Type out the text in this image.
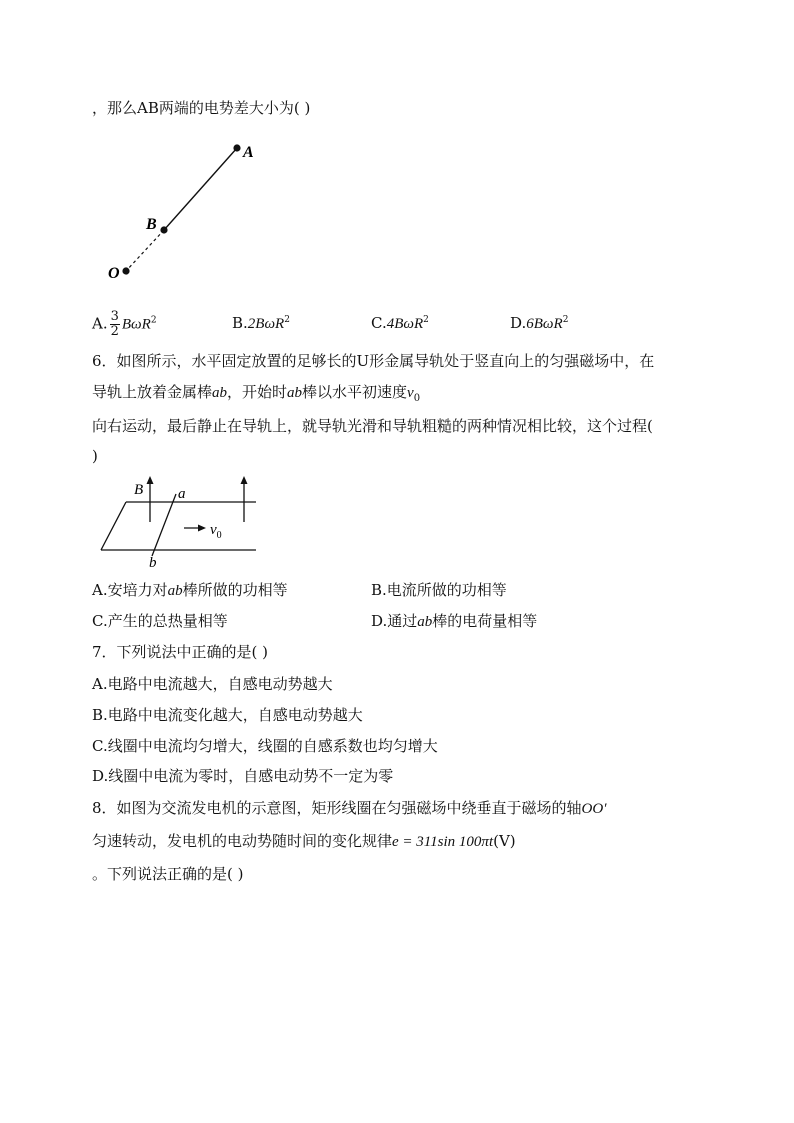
，那么AB两端的电势差大小为( )
A
B
O
A. $\frac{3}{2} B\omega R^2$	B.2BωR$^2$	C.4BωR$^2$	D.6BωR$^2$
6．如图所示，水平固定放置的足够长的U形金属导轨处于竖直向上的匀强磁场中，在
导轨上放着金属棒ab，开始时ab棒以水平初速度$v_0$
向右运动，最后静止在导轨上，就导轨光滑和导轨粗糙的两种情况相比较，这个过程(
)
B a
b
$v_0$
A.安培力对ab棒所做的功相等	B.电流所做的功相等
C.产生的总热量相等	D.通过ab棒的电荷量相等
7．下列说法中正确的是( )
A.电路中电流越大，自感电动势越大
B.电路中电流变化越大，自感电动势越大
C.线圈中电流均匀增大，线圈的自感系数也均匀增大
D.线圈中电流为零时，自感电动势不一定为零
8．如图为交流发电机的示意图，矩形线圈在匀强磁场中绕垂直于磁场的轴OO′
匀速转动，发电机的电动势随时间的变化规律e = 311sin 100πt(V)
。下列说法正确的是( )
